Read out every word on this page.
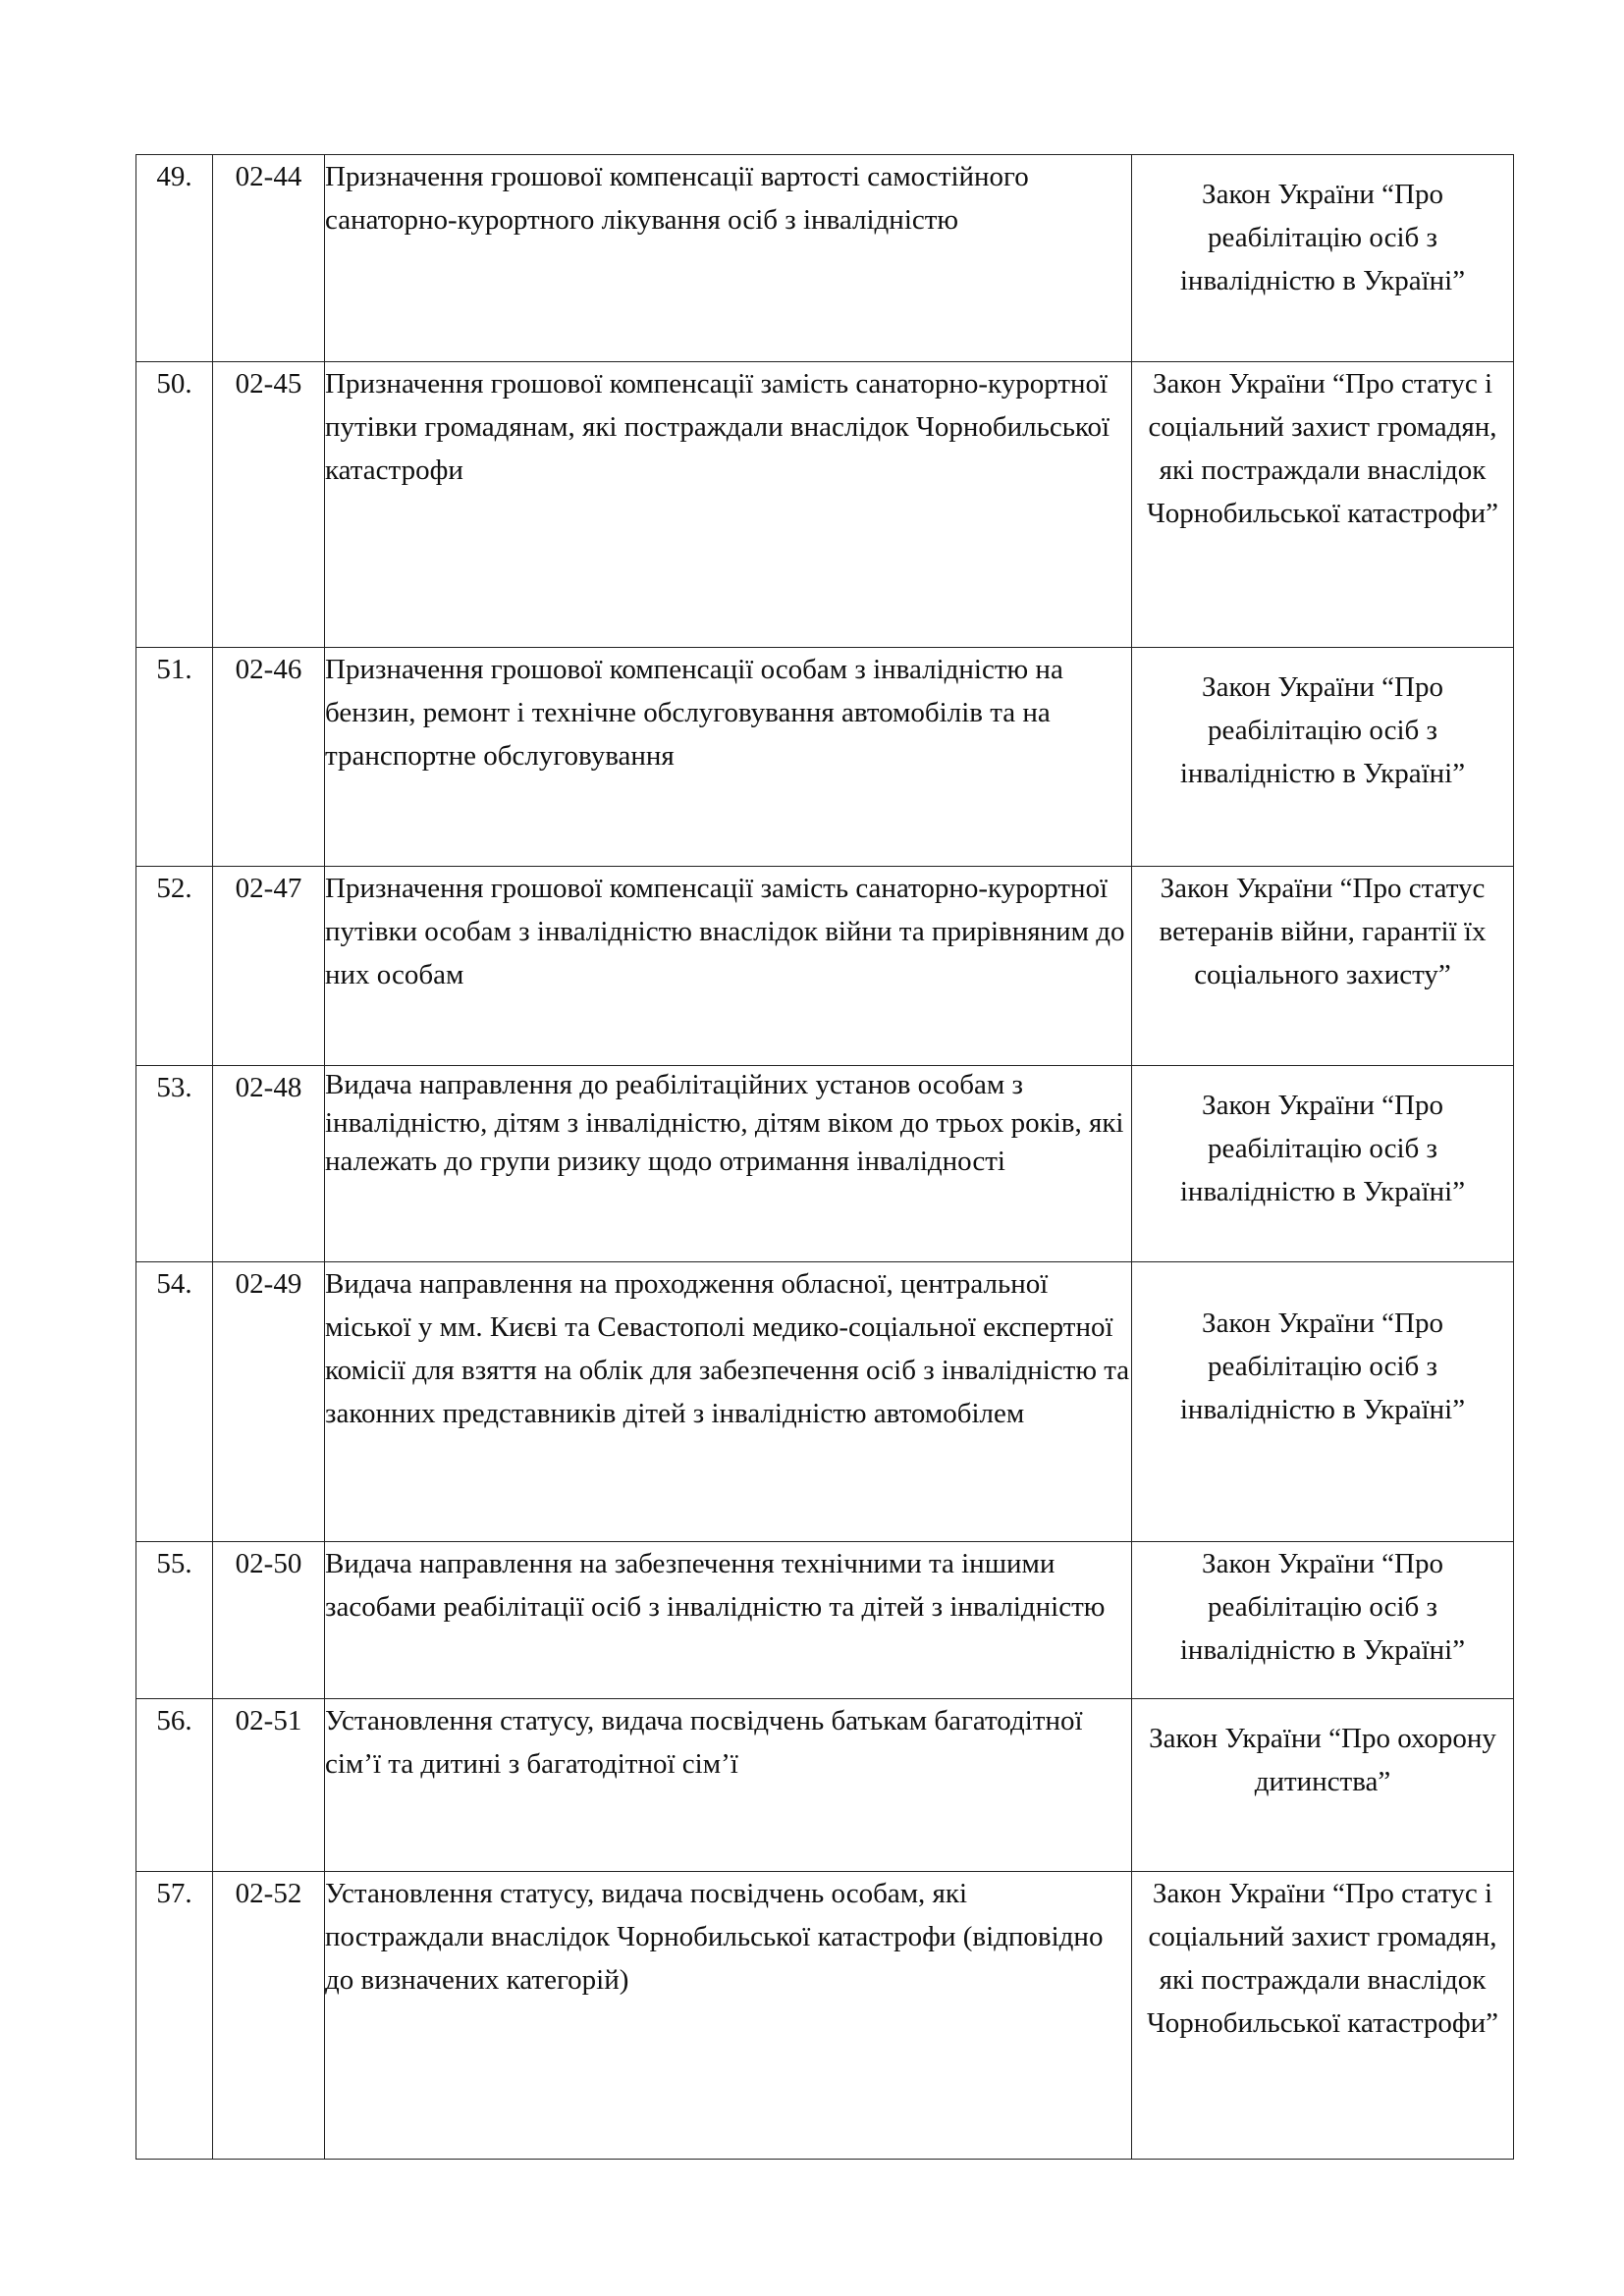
49.	02-44	Призначення грошової компенсації вартості самостійного санаторно-курортного лікування осіб з інвалідністю	Закон України “Про реабілітацію осіб з інвалідністю в Україні”
50.	02-45	Призначення грошової компенсації замість санаторно-курортної путівки громадянам, які постраждали внаслідок Чорнобильської катастрофи	Закон України “Про статус і соціальний захист громадян, які постраждали внаслідок Чорнобильської катастрофи”
51.	02-46	Призначення грошової компенсації особам з інвалідністю на бензин, ремонт і технічне обслуговування автомобілів та на транспортне обслуговування	Закон України “Про реабілітацію осіб з інвалідністю в Україні”
52.	02-47	Призначення грошової компенсації замість санаторно-курортної путівки особам з інвалідністю внаслідок війни та прирівняним до них особам	Закон України “Про статус ветеранів війни, гарантії їх соціального захисту”
53.	02-48	Видача направлення до реабілітаційних установ особам з інвалідністю, дітям з інвалідністю, дітям віком до трьох років, які належать до групи ризику щодо отримання інвалідності	Закон України “Про реабілітацію осіб з інвалідністю в Україні”
54.	02-49	Видача направлення на проходження обласної, центральної міської у мм. Києві та Севастополі медико-соціальної експертної комісії для взяття на облік для забезпечення осіб з інвалідністю та законних представників дітей з інвалідністю автомобілем	Закон України “Про реабілітацію осіб з інвалідністю в Україні”
55.	02-50	Видача направлення на забезпечення технічними та іншими засобами реабілітації осіб з інвалідністю та дітей з інвалідністю	Закон України “Про реабілітацію осіб з інвалідністю в Україні”
56.	02-51	Установлення статусу, видача посвідчень батькам багатодітної сім’ї та дитині з багатодітної сім’ї	Закон України “Про охорону дитинства”
57.	02-52	Установлення статусу, видача посвідчень особам, які постраждали внаслідок Чорнобильської катастрофи (відповідно до визначених категорій)	Закон України “Про статус і соціальний захист громадян, які постраждали внаслідок Чорнобильської катастрофи”
